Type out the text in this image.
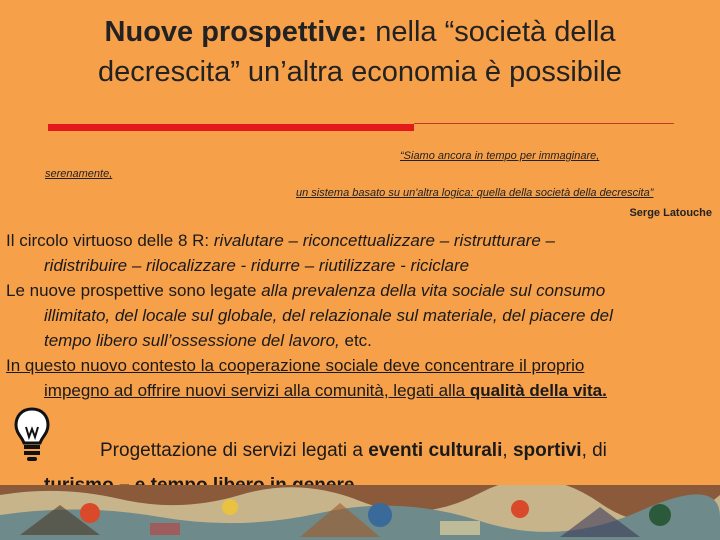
Nuove prospettive: nella “società della
decrescita” un’altra economia è possibile
“Siamo ancora in tempo per immaginare,
serenamente,
un sistema basato su un'altra logica: quella della società della decrescita”
Serge Latouche
Il circolo virtuoso delle 8 R: rivalutare – riconcettualizzare – ristrutturare –
ridistribuire – rilocalizzare - ridurre – riutilizzare - riciclare
Le nuove prospettive sono legate alla prevalenza della vita sociale sul consumo
illimitato, del locale sul globale, del relazionale sul materiale, del piacere del
tempo libero sull’ossessione del lavoro, etc.
In questo nuovo contesto la cooperazione sociale deve concentrare il proprio
impegno ad offrire nuovi servizi alla comunità, legati alla qualità della vita.
Progettazione di servizi legati a eventi culturali, sportivi, di
